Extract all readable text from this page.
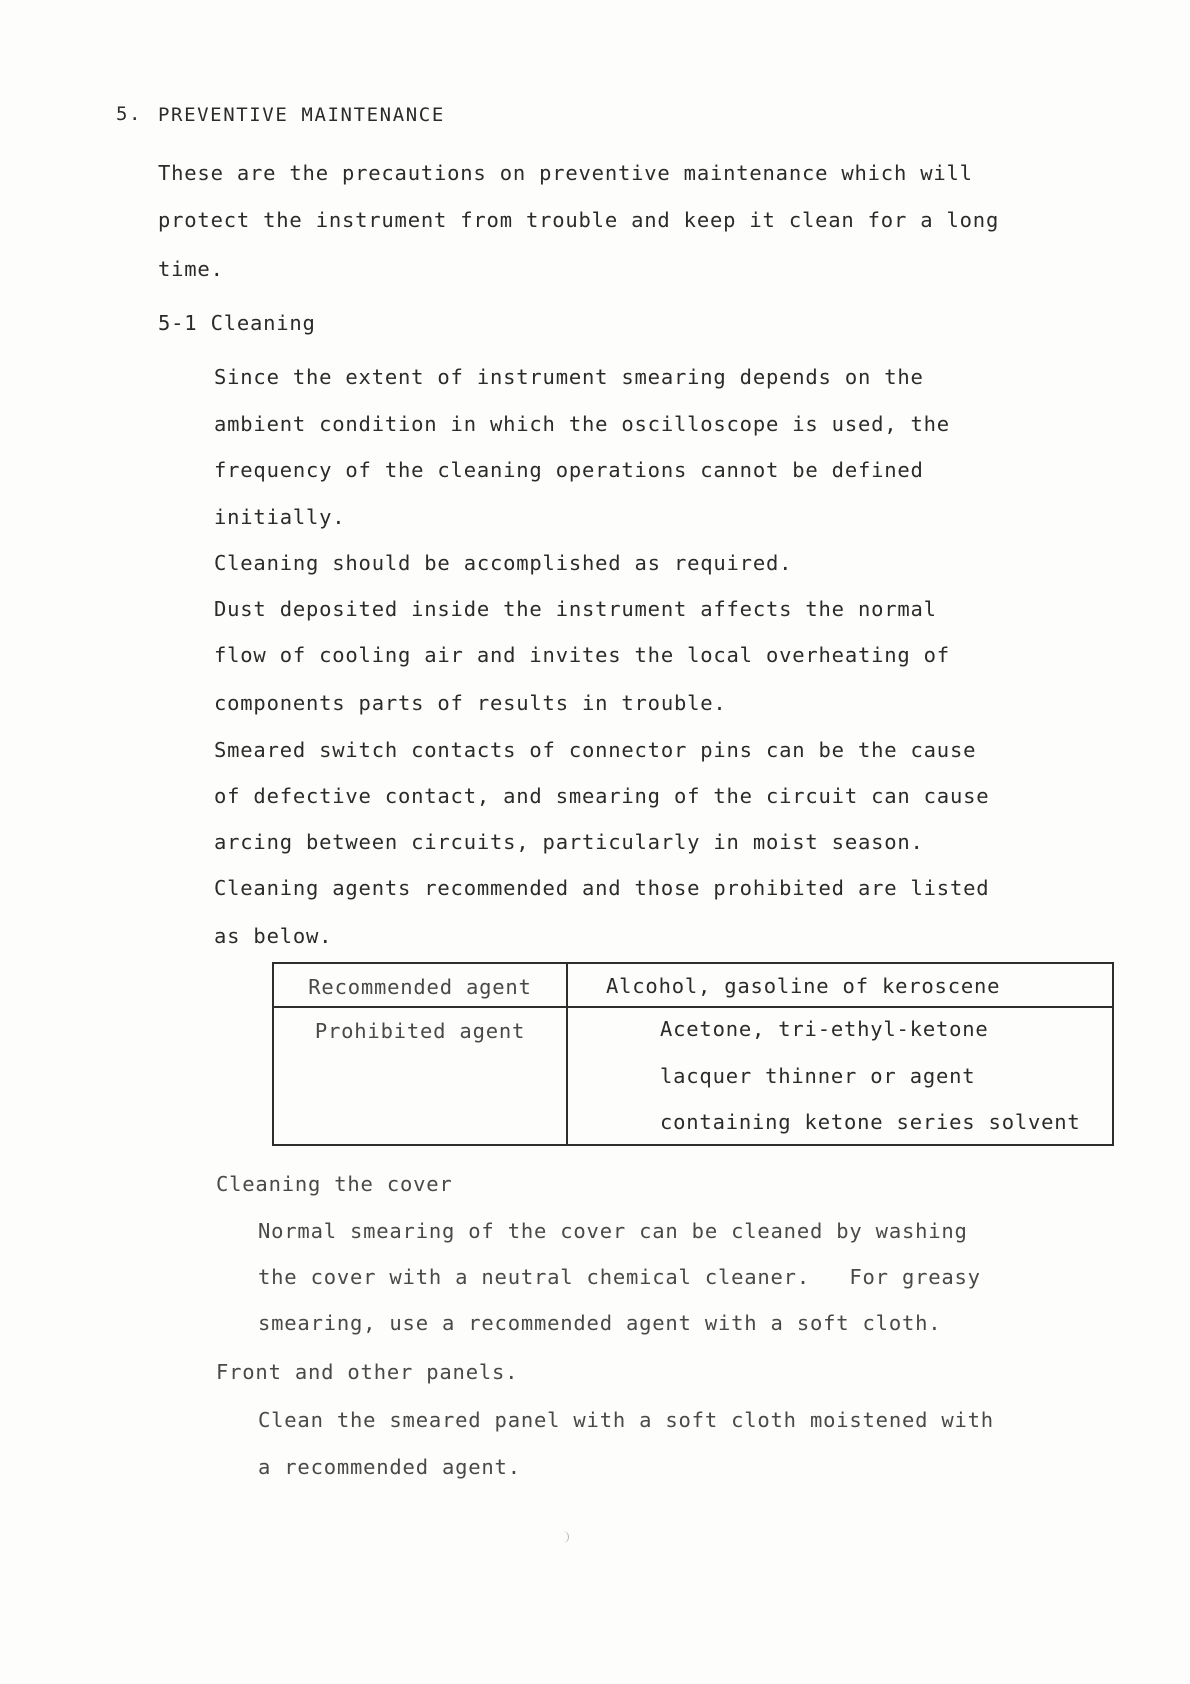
5. PREVENTIVE MAINTENANCE
These are the precautions on preventive maintenance which will
protect the instrument from trouble and keep it clean for a long
time.
5-1 Cleaning
Since the extent of instrument smearing depends on the
ambient condition in which the oscilloscope is used, the
frequency of the cleaning operations cannot be defined
initially.
Cleaning should be accomplished as required.
Dust deposited inside the instrument affects the normal
flow of cooling air and invites the local overheating of
components parts of results in trouble.
Smeared switch contacts of connector pins can be the cause
of defective contact, and smearing of the circuit can cause
arcing between circuits, particularly in moist season.
Cleaning agents recommended and those prohibited are listed
as below.
Recommended agent	Alcohol, gasoline of keroscene

Prohibited agent	Acetone, tri-ethyl-ketone
lacquer thinner or agent
containing ketone series solvent
Cleaning the cover
Normal smearing of the cover can be cleaned by washing
the cover with a neutral chemical cleaner.   For greasy
smearing, use a recommended agent with a soft cloth.
Front and other panels.
Clean the smeared panel with a soft cloth moistened with
a recommended agent.
